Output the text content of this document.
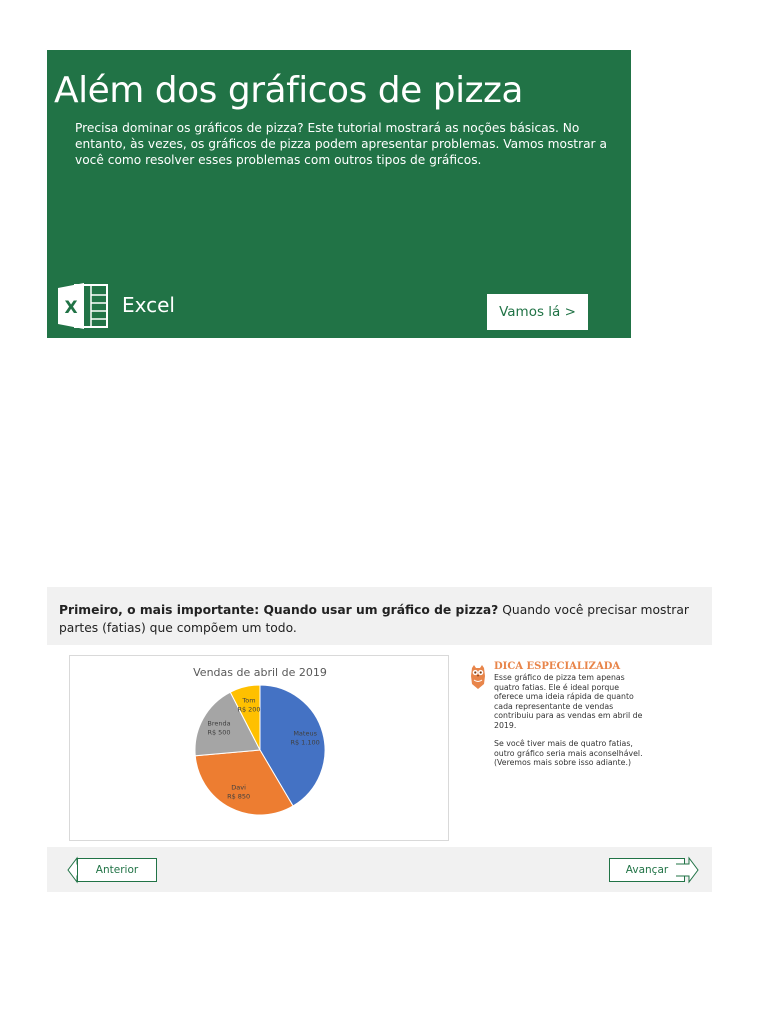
Além dos gráficos de pizza
Precisa dominar os gráficos de pizza? Este tutorial mostrará as noções básicas. No entanto, às vezes, os gráficos de pizza podem apresentar problemas. Vamos mostrar a você como resolver esses problemas com outros tipos de gráficos.
X Excel	Vamos lá >
Primeiro, o mais importante: Quando usar um gráfico de pizza? Quando você precisar mostrar partes (fatias) que compõem um todo.
Vendas de abril de 2019
Mateus
R$ 1.100
Davi
R$ 850
Brenda
R$ 500
Tom
R$ 200
DICA ESPECIALIZADA

Esse gráfico de pizza tem apenas quatro fatias. Ele é ideal porque oferece uma ideia rápida de quanto cada representante de vendas contribuiu para as vendas em abril de 2019.

Se você tiver mais de quatro fatias, outro gráfico seria mais aconselhável. (Veremos mais sobre isso adiante.)

Anterior	Avançar
